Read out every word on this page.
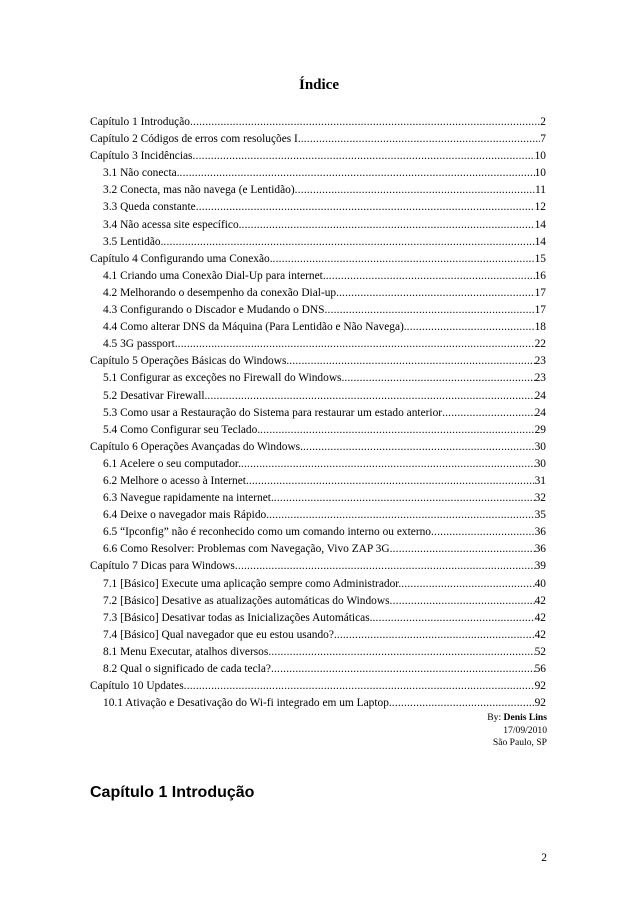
Índice
Capítulo 1 Introdução .....	2
Capítulo 2 Códigos de erros com resoluções I. .....	7
Capítulo 3 Incidências .....	10
3.1 Não conecta. .....	10
3.2 Conecta, mas não navega (e Lentidão) .....	11
3.3 Queda constante .....	12
3.4 Não acessa site específico. .....	14
3.5 Lentidão. .....	14
Capítulo 4 Configurando uma Conexão. .....	15
4.1 Criando uma Conexão Dial-Up para internet. .....	16
4.2 Melhorando o desempenho da conexão Dial-up. .....	17
4.3 Configurando o Discador e Mudando o DNS .....	17
4.4 Como alterar DNS da Máquina (Para Lentidão e Não Navega). .....	18
4.5 3G passport. .....	22
Capítulo 5 Operações Básicas do Windows. .....	23
5.1 Configurar as exceções no Firewall do Windows. .....	23
5.2 Desativar Firewall. .....	24
5.3 Como usar a Restauração do Sistema para restaurar um estado anterior .....	24
5.4 Como Configurar seu Teclado. .....	29
Capítulo 6 Operações Avançadas do Windows. .....	30
6.1 Acelere o seu computador. .....	30
6.2 Melhore o acesso à Internet. .....	31
6.3 Navegue rapidamente na internet. .....	32
6.4 Deixe o navegador mais Rápido. .....	35
6.5 “Ipconfig” não é reconhecido como um comando interno ou externo .....	36
6.6 Como Resolver: Problemas com Navegação, Vivo ZAP 3G .....	36
Capítulo 7 Dicas para Windows .....	39
7.1 [Básico] Execute uma aplicação sempre como Administrador. .....	40
7.2 [Básico] Desative as atualizações automáticas do Windows .....	42
7.3 [Básico] Desativar todas as Inicializações Automáticas. .....	42
7.4 [Básico] Qual navegador que eu estou usando?. .....	42
8.1 Menu Executar, atalhos diversos .....	52
8.2 Qual o significado de cada tecla? .....	56
Capítulo 10 Updates .....	92
10.1 Ativação e Desativação do Wi-fi integrado em um Laptop. .....	92
By: Denis Lins
17/09/2010
São Paulo, SP
Capítulo 1 Introdução
2
